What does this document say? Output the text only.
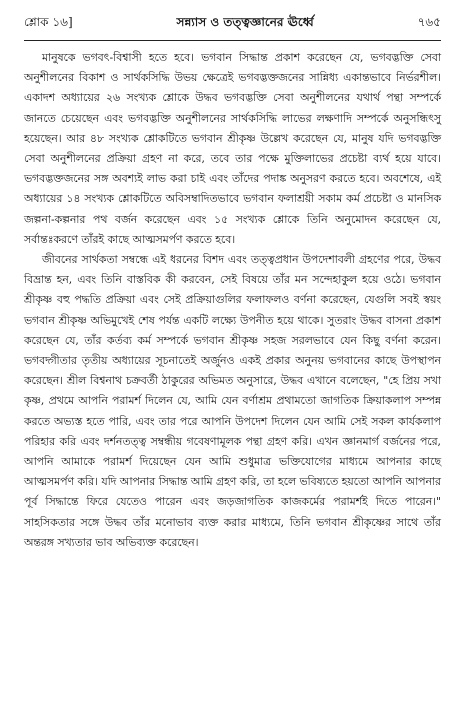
শ্লোক ১৬]	সন্ন্যাস ও তত্ত্বজ্ঞানের ঊর্ধ্বে	৭৬৫

মানুষকে ভগবৎ-বিশ্বাসী হতে হবে। ভগবান সিদ্ধান্ত প্রকাশ করেছেন যে, ভগবদ্ভক্তি সেবা অনুশীলনের বিকাশ ও সার্থকসিদ্ধি উভয় ক্ষেত্রেই ভগবদ্ভক্তজনের সান্নিধ্য একান্তভাবে নির্ভরশীল। একাদশ অধ্যায়ের ২৬ সংখ্যক শ্লোকে উদ্ধব ভগবদ্ভক্তি সেবা অনুশীলনের যথার্থ পন্থা সম্পর্কে জানতে চেয়েছেন এবং ভগবদ্ভক্তি অনুশীলনের সার্থকসিদ্ধি লাভের লক্ষণাদি সম্পর্কে অনুসন্ধিৎসু হয়েছেন। আর ৪৮ সংখ্যক শ্লোকটিতে ভগবান শ্রীকৃষ্ণ উল্লেখ করেছেন যে, মানুষ যদি ভগবদ্ভক্তি সেবা অনুশীলনের প্রক্রিয়া গ্রহণ না করে, তবে তার পক্ষে মুক্তিলাভের প্রচেষ্টা ব্যর্থ হয়ে যাবে। ভগবদ্ভক্তজনের সঙ্গ অবশ্যই লাভ করা চাই এবং তাঁদের পদাঙ্ক অনুসরণ করতে হবে। অবশেষে, এই অধ্যায়ের ১৪ সংখ্যক শ্লোকটিতে অবিসম্বাদিতভাবে ভগবান ফলাশ্রয়ী সকাম কর্ম প্রচেষ্টা ও মানসিক জল্পনা-কল্পনার পথ বর্জন করেছেন এবং ১৫ সংখ্যক শ্লোকে তিনি অনুমোদন করেছেন যে, সর্বান্তঃকরণে তাঁরই কাছে আত্মসমর্পণ করতে হবে।

জীবনের সার্থকতা সম্বন্ধে এই ধরনের বিশদ এবং তত্ত্বপ্রধান উপদেশাবলী গ্রহণের পরে, উদ্ধব বিভ্রান্ত হন, এবং তিনি বাস্তবিক কী করবেন, সেই বিষয়ে তাঁর মন সন্দেহাকুল হয়ে ওঠে। ভগবান শ্রীকৃষ্ণ বহু পদ্ধতি প্রক্রিয়া এবং সেই প্রক্রিয়াগুলির ফলাফলও বর্ণনা করেছেন, যেগুলি সবই স্বয়ং ভগবান শ্রীকৃষ্ণ অভিমুখেই শেষ পর্যন্ত একটি লক্ষ্যে উপনীত হয়ে থাকে। সুতরাং উদ্ধব বাসনা প্রকাশ করেছেন যে, তাঁর কর্তব্য কর্ম সম্পর্কে ভগবান শ্রীকৃষ্ণ সহজ সরলভাবে যেন কিছু বর্ণনা করেন। ভগবদ্গীতার তৃতীয় অধ্যায়ের সূচনাতেই অর্জুনও একই প্রকার অনুনয় ভগবানের কাছে উপস্থাপন করেছেন। শ্রীল বিশ্বনাথ চক্রবর্তী ঠাকুরের অভিমত অনুসারে, উদ্ধব এখানে বলেছেন, "হে প্রিয় সখা কৃষ্ণ, প্রথমে আপনি পরামর্শ দিলেন যে, আমি যেন বর্ণাশ্রম প্রথামতো জাগতিক ক্রিয়াকলাপ সম্পন্ন করতে অভ্যস্ত হতে পারি, এবং তার পরে আপনি উপদেশ দিলেন যেন আমি সেই সকল কার্যকলাপ পরিহার করি এবং দর্শনতত্ত্ব সম্বন্ধীয় গবেষণামূলক পন্থা গ্রহণ করি। এখন জ্ঞানমার্গ বর্জনের পরে, আপনি আমাকে পরামর্শ দিয়েছেন যেন আমি শুধুমাত্র ভক্তিযোগের মাধ্যমে আপনার কাছে আত্মসমর্পণ করি। যদি আপনার সিদ্ধান্ত আমি গ্রহণ করি, তা হলে ভবিষ্যতে হয়তো আপনি আপনার পূর্ব সিদ্ধান্তে ফিরে যেতেও পারেন এবং জড়জাগতিক কাজকর্মের পরামর্শই দিতে পারেন।" সাহসিকতার সঙ্গে উদ্ধব তাঁর মনোভাব ব্যক্ত করার মাধ্যমে, তিনি ভগবান শ্রীকৃষ্ণের সাথে তাঁর অন্তরঙ্গ সখ্যতার ভাব অভিব্যক্ত করেছেন।
